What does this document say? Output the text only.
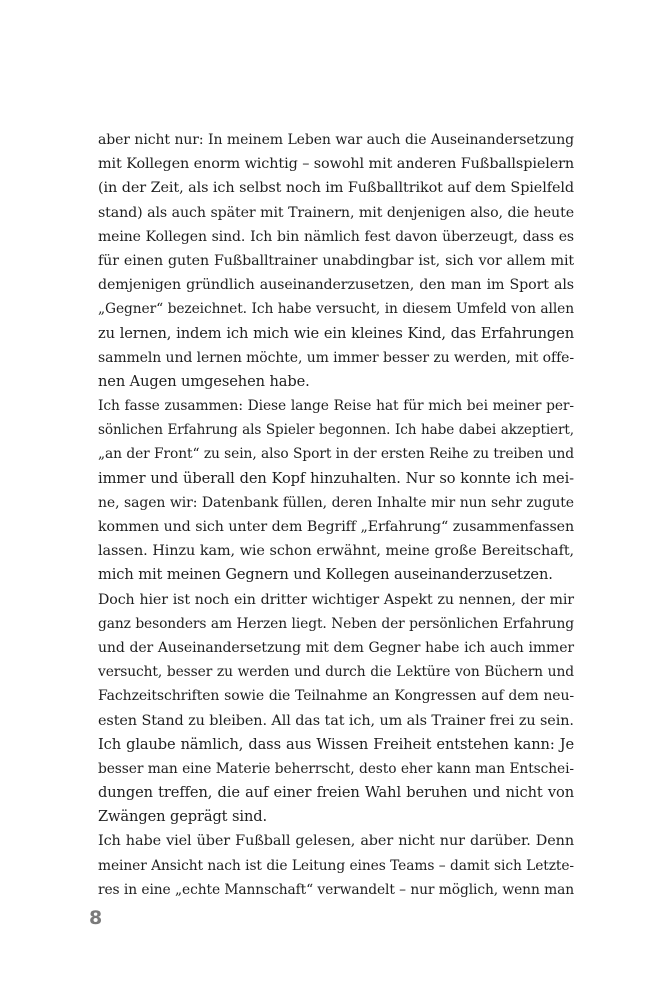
aber nicht nur: In meinem Leben war auch die Auseinandersetzung
mit Kollegen enorm wichtig – sowohl mit anderen Fußballspielern
(in der Zeit, als ich selbst noch im Fußballtrikot auf dem Spielfeld
stand) als auch später mit Trainern, mit denjenigen also, die heute
meine Kollegen sind. Ich bin nämlich fest davon überzeugt, dass es
für einen guten Fußballtrainer unabdingbar ist, sich vor allem mit
demjenigen gründlich auseinanderzusetzen, den man im Sport als
„Gegner“ bezeichnet. Ich habe versucht, in diesem Umfeld von allen
zu lernen, indem ich mich wie ein kleines Kind, das Erfahrungen
sammeln und lernen möchte, um immer besser zu werden, mit offe-
nen Augen umgesehen habe.
Ich fasse zusammen: Diese lange Reise hat für mich bei meiner per-
sönlichen Erfahrung als Spieler begonnen. Ich habe dabei akzeptiert,
„an der Front“ zu sein, also Sport in der ersten Reihe zu treiben und
immer und überall den Kopf hinzuhalten. Nur so konnte ich mei-
ne, sagen wir: Datenbank füllen, deren Inhalte mir nun sehr zugute
kommen und sich unter dem Begriff „Erfahrung“ zusammenfassen
lassen. Hinzu kam, wie schon erwähnt, meine große Bereitschaft,
mich mit meinen Gegnern und Kollegen auseinanderzusetzen.
Doch hier ist noch ein dritter wichtiger Aspekt zu nennen, der mir
ganz besonders am Herzen liegt. Neben der persönlichen Erfahrung
und der Auseinandersetzung mit dem Gegner habe ich auch immer
versucht, besser zu werden und durch die Lektüre von Büchern und
Fachzeitschriften sowie die Teilnahme an Kongressen auf dem neu-
esten Stand zu bleiben. All das tat ich, um als Trainer frei zu sein.
Ich glaube nämlich, dass aus Wissen Freiheit entstehen kann: Je
besser man eine Materie beherrscht, desto eher kann man Entschei-
dungen treffen, die auf einer freien Wahl beruhen und nicht von
Zwängen geprägt sind.
Ich habe viel über Fußball gelesen, aber nicht nur darüber. Denn
meiner Ansicht nach ist die Leitung eines Teams – damit sich Letzte-
res in eine „echte Mannschaft“ verwandelt – nur möglich, wenn man
8
